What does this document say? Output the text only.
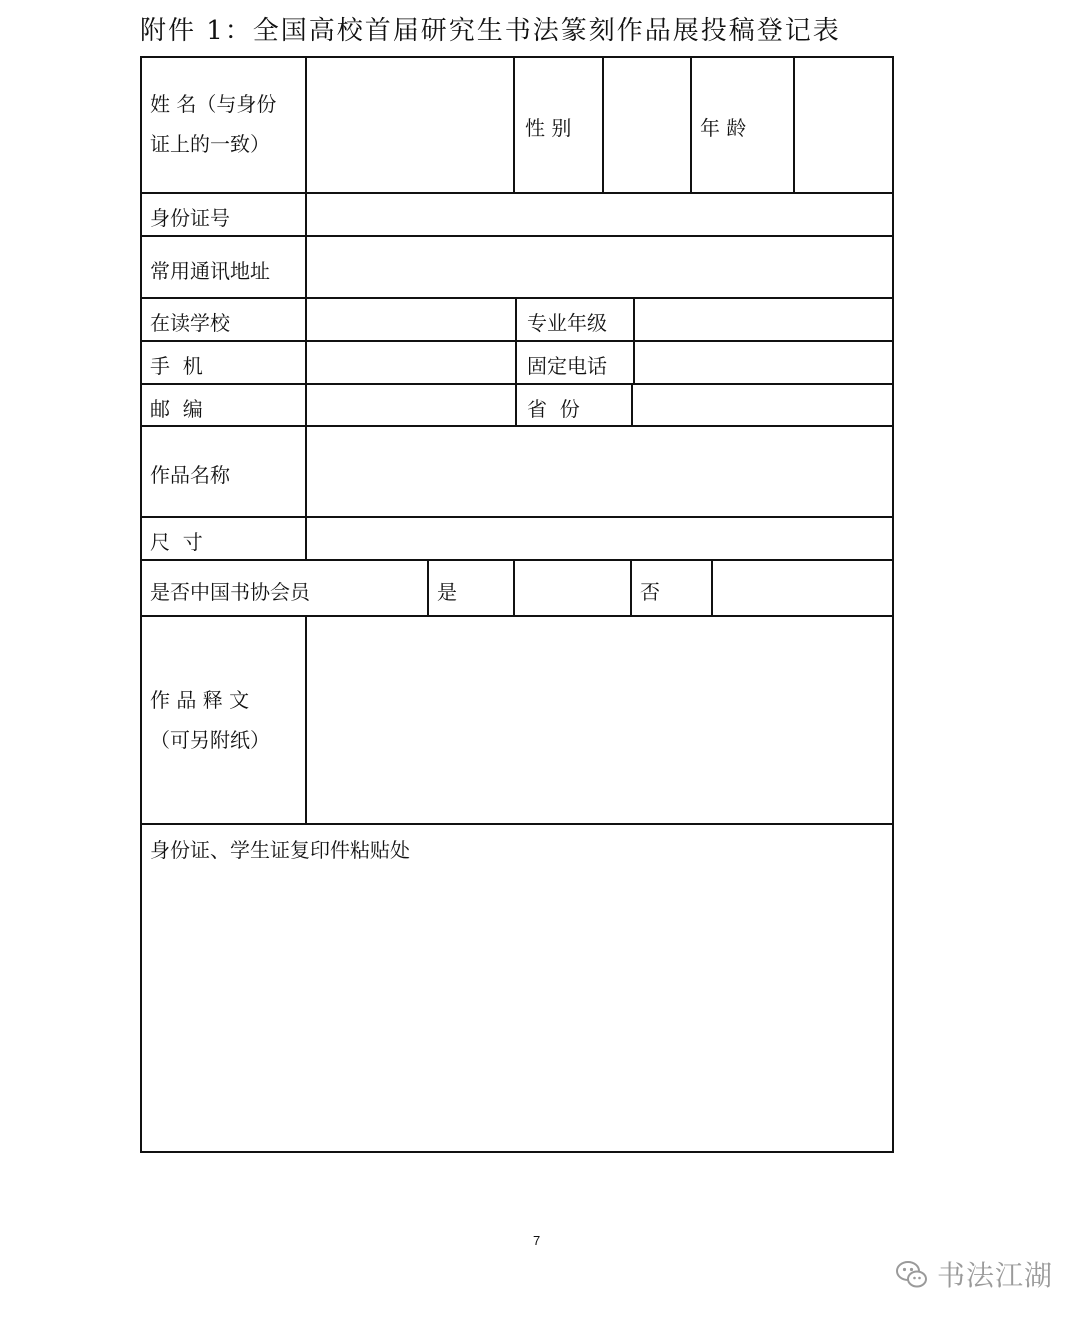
附件 1：全国高校首届研究生书法篆刻作品展投稿登记表
姓 名（与身份
证上的一致）
性 别	年 龄
身份证号
常用通讯地址
在读学校	专业年级
手  机	固定电话
邮  编	省  份
作品名称
尺  寸
是否中国书协会员	是	否
作 品 释 文
（可另附纸）
身份证、学生证复印件粘贴处
7
书法江湖
